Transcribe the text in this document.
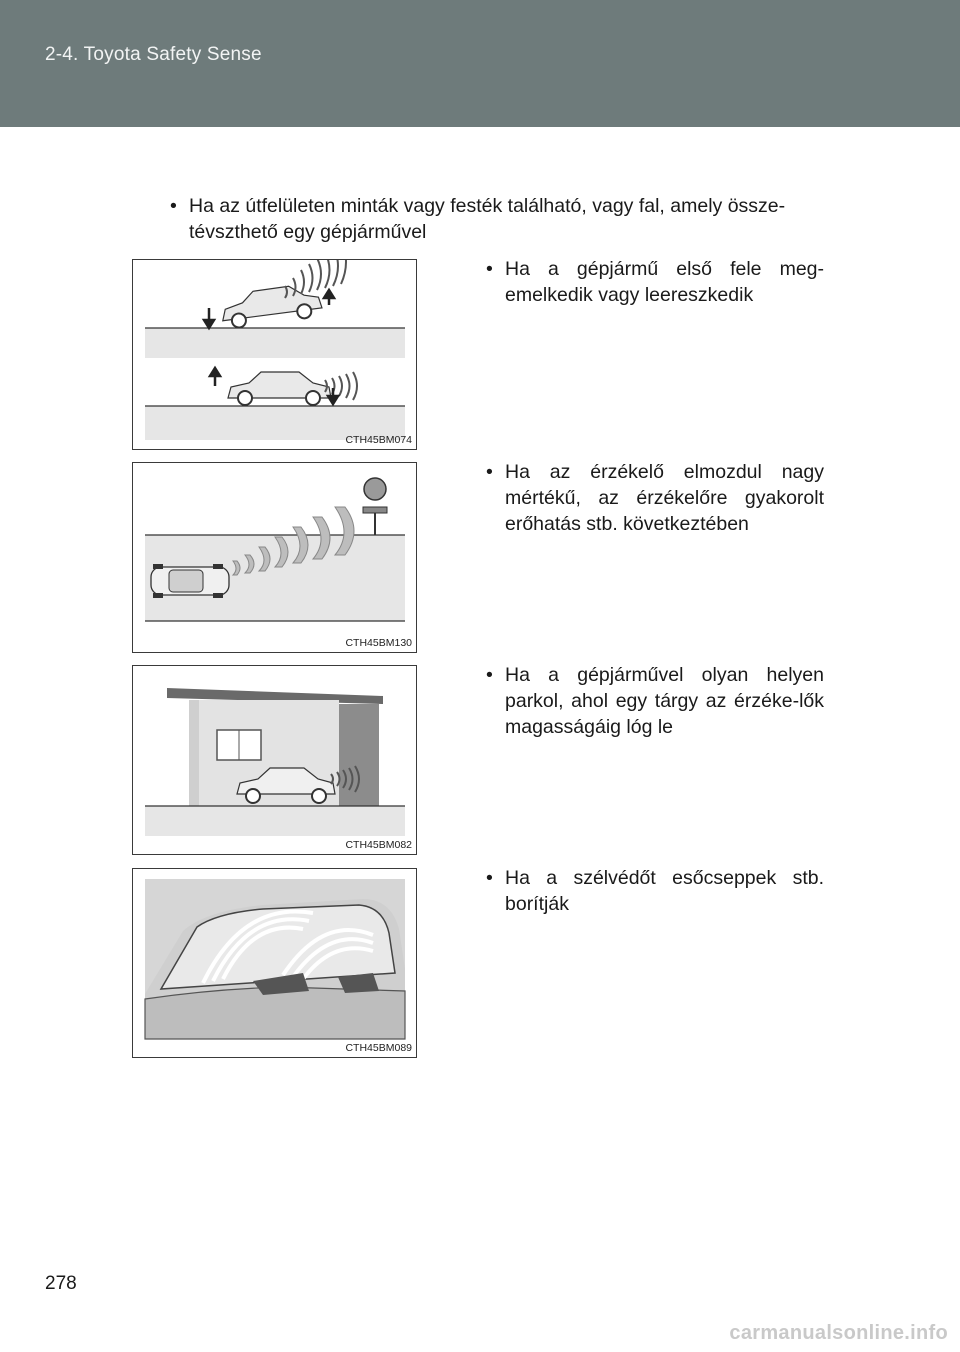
2-4. Toyota Safety Sense
• Ha az útfelületen minták vagy festék található, vagy fal, amely össze-tévszthető egy gépjárművel
CTH45BM074
• Ha a gépjármű első fele meg-emelkedik vagy leereszkedik
CTH45BM130
• Ha az érzékelő elmozdul nagy mértékű, az érzékelőre gyakorolt erőhatás stb. következtében
CTH45BM082
• Ha a gépjárművel olyan helyen parkol, ahol egy tárgy az érzéke-lők magasságáig lóg le
CTH45BM089
• Ha a szélvédőt esőcseppek stb. borítják
278
carmanualsonline.info
